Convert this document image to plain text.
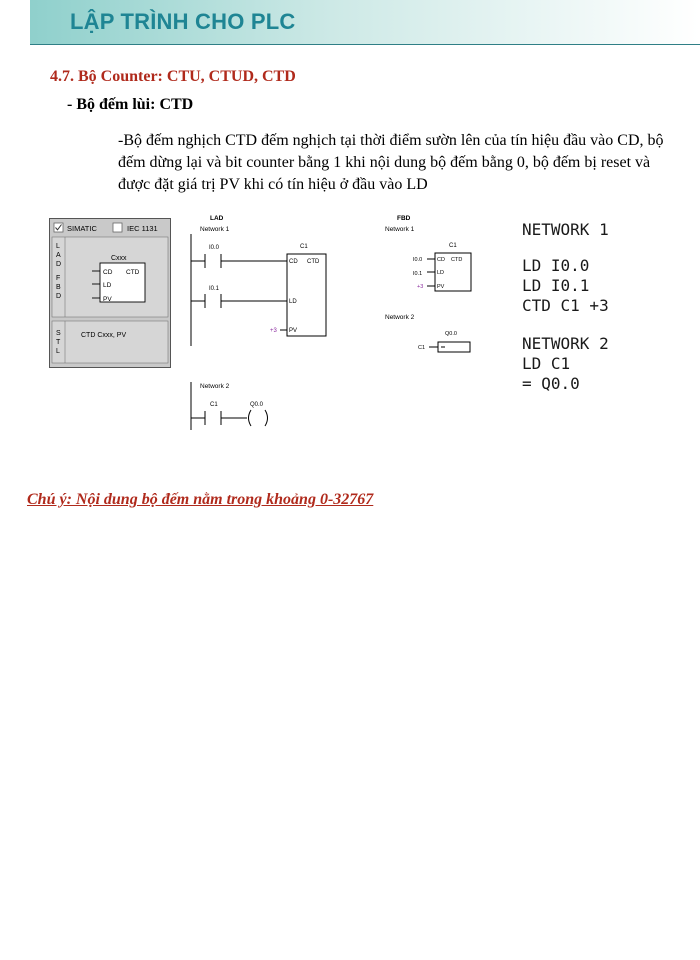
LẬP TRÌNH CHO PLC
4.7. Bộ Counter: CTU, CTUD, CTD
- Bộ đếm lùi: CTD
-Bộ đếm nghịch CTD đếm nghịch tại thời điểm sườn lên của tín hiệu đầu vào CD, bộ đếm dừng lại và bit counter bằng 1 khi nội dung bộ đếm bằng 0, bộ đếm bị reset và được đặt giá trị PV khi có tín hiệu ở đầu vào LD
SIMATIC	IEC 1131
L
A
D
F
B
D
Cxxx
CD CTD
LD
PV
S
T
L
CTD Cxxx, PV
LAD
Network 1
I0.0
I0.1
C1
CD CTD
LD
PV
+3
Network 2
C1	Q0.0
FBD
Network 1
C1
CD CTD
LD
PV
I0.0
I0.1
+3
Network 2
Q0.0
C1
NETWORK 1
LD I0.0
LD I0.1
CTD C1 +3
NETWORK 2
LD C1
= Q0.0
Chú ý: Nội dung bộ đếm nằm trong khoảng 0-32767
